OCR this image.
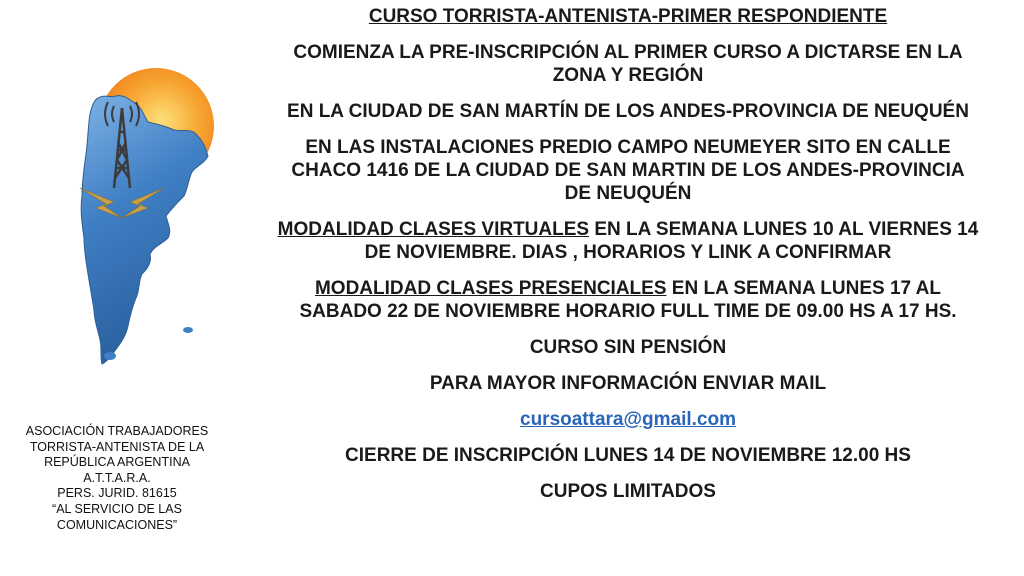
ASOCIACIÓN TRABAJADORES
TORRISTA-ANTENISTA DE LA
REPÚBLICA ARGENTINA
A.T.T.A.R.A.
PERS. JURID. 81615
“AL SERVICIO DE LAS
COMUNICACIONES”

CURSO TORRISTA-ANTENISTA-PRIMER RESPONDIENTE

COMIENZA LA PRE-INSCRIPCIÓN AL PRIMER CURSO A DICTARSE EN LA
ZONA Y REGIÓN

EN LA CIUDAD DE SAN MARTÍN DE LOS ANDES-PROVINCIA DE NEUQUÉN

EN LAS INSTALACIONES PREDIO CAMPO NEUMEYER SITO EN CALLE
CHACO 1416 DE LA CIUDAD DE SAN MARTIN DE LOS ANDES-PROVINCIA
DE NEUQUÉN

MODALIDAD CLASES VIRTUALES EN LA SEMANA LUNES 10 AL VIERNES 14
DE NOVIEMBRE. DIAS , HORARIOS Y LINK A CONFIRMAR

MODALIDAD CLASES PRESENCIALES EN LA SEMANA LUNES 17 AL
SABADO 22 DE NOVIEMBRE HORARIO FULL TIME DE 09.00 HS A 17 HS.

CURSO SIN PENSIÓN

PARA MAYOR INFORMACIÓN ENVIAR MAIL

cursoattara@gmail.com

CIERRE DE INSCRIPCIÓN LUNES 14 DE NOVIEMBRE 12.00 HS

CUPOS LIMITADOS
